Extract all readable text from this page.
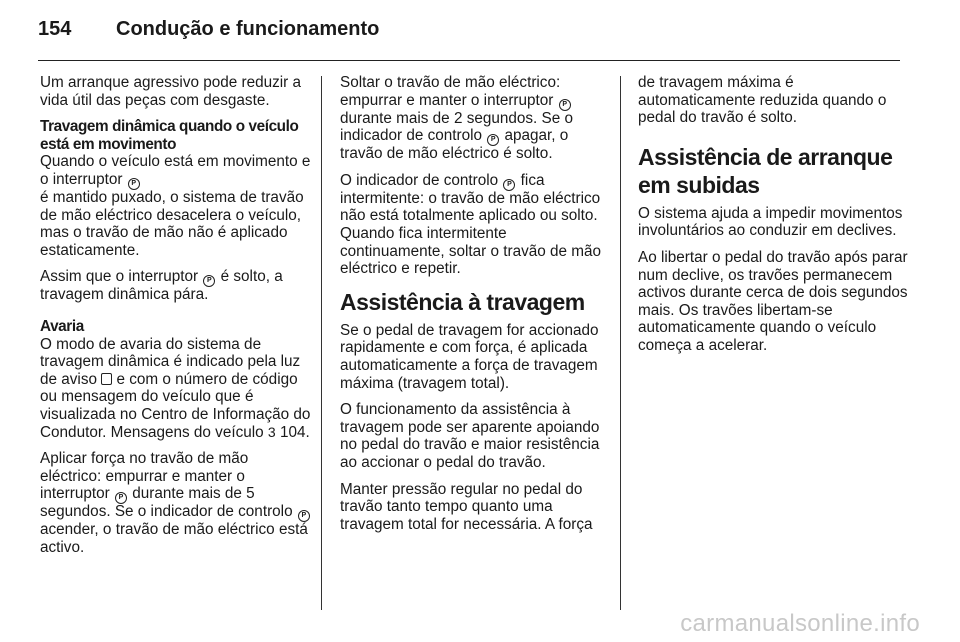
154	Condução e funcionamento

Um arranque agressivo pode reduzir a vida útil das peças com desgaste.

Travagem dinâmica quando o veículo está em movimento

Quando o veículo está em movimento e o interruptor P
é mantido puxado, o sistema de travão de mão eléctrico desacelera o veículo, mas o travão de mão não é aplicado estaticamente.

Assim que o interruptor P é solto, a travagem dinâmica pára.

Avaria

O modo de avaria do sistema de travagem dinâmica é indicado pela luz de aviso e com o número de código ou mensagem do veículo que é visualizada no Centro de Informação do Condutor. Mensagens do veículo 3 104.

Aplicar força no travão de mão eléctrico: empurrar e manter o interruptor P durante mais de 5 segundos. Se o indicador de controlo P acender, o travão de mão eléctrico está activo.

Soltar o travão de mão eléctrico: empurrar e manter o interruptor P durante mais de 2 segundos. Se o indicador de controlo P apagar, o travão de mão eléctrico é solto.

O indicador de controlo P fica intermitente: o travão de mão eléctrico não está totalmente aplicado ou solto. Quando fica intermitente continuamente, soltar o travão de mão eléctrico e repetir.

Assistência à travagem

Se o pedal de travagem for accionado rapidamente e com força, é aplicada automaticamente a força de travagem máxima (travagem total).

O funcionamento da assistência à travagem pode ser aparente apoiando no pedal do travão e maior resistência ao accionar o pedal do travão.

Manter pressão regular no pedal do travão tanto tempo quanto uma travagem total for necessária. A força

de travagem máxima é automaticamente reduzida quando o pedal do travão é solto.

Assistência de arranque em subidas

O sistema ajuda a impedir movimentos involuntários ao conduzir em declives.

Ao libertar o pedal do travão após parar num declive, os travões permanecem activos durante cerca de dois segundos mais. Os travões libertam-se automaticamente quando o veículo começa a acelerar.

carmanualsonline.info
